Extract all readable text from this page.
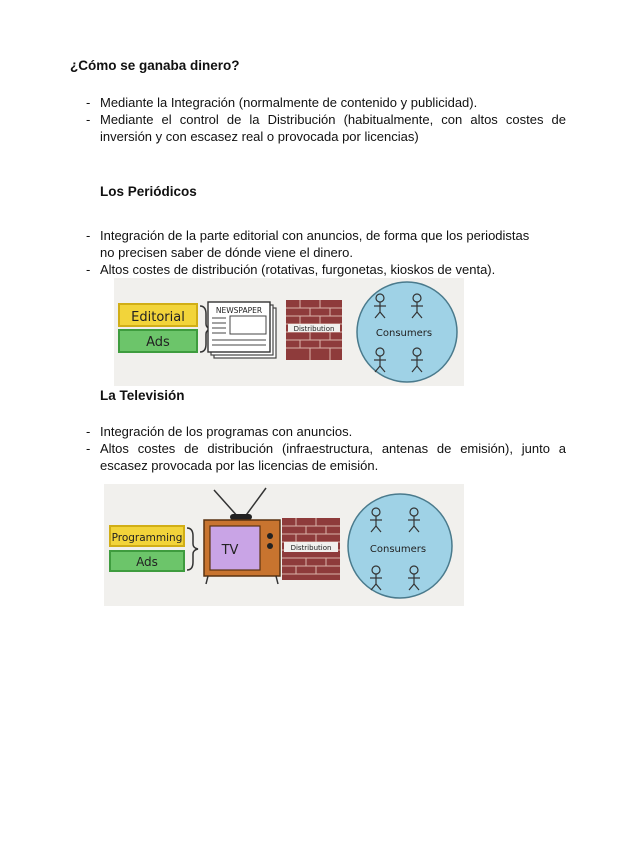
¿Cómo se ganaba dinero?
- Mediante la Integración (normalmente de contenido y publicidad).
- Mediante el control de la Distribución (habitualmente, con altos costes de inversión y con escasez real o provocada por licencias)
Los Periódicos
- Integración de la parte editorial con anuncios, de forma que los periodistas
no precisen saber de dónde viene el dinero.
- Altos costes de distribución (rotativas, furgonetas, kioskos de venta).
Editorial
Ads
NEWSPAPER
Distribution	Consumers
La Televisión
- Integración de los programas con anuncios.
- Altos costes de distribución (infraestructura, antenas de emisión), junto a escasez provocada por las licencias de emisión.
Programming
Ads
TV	Distribution	Consumers
